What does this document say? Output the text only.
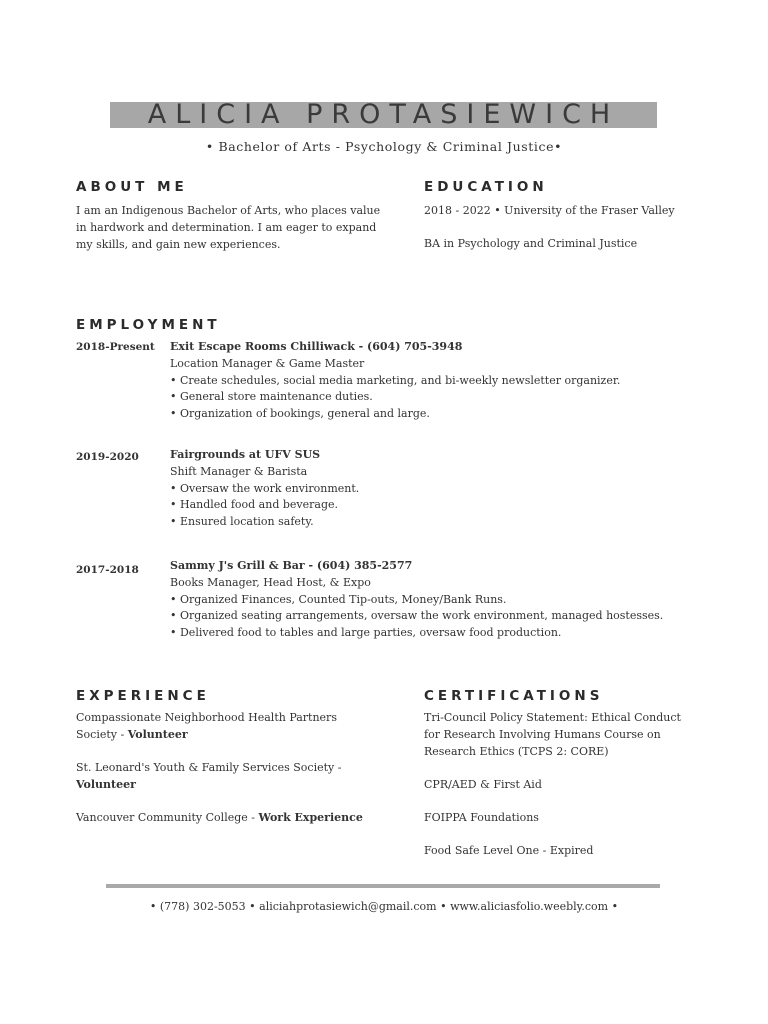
ALICIA PROTASIEWICH
• Bachelor of Arts - Psychology & Criminal Justice•
ABOUT ME
I am an Indigenous Bachelor of Arts, who places value
in hardwork and determination. I am eager to expand
my skills, and gain new experiences.
EDUCATION
2018 - 2022 • University of the Fraser Valley
BA in Psychology and Criminal Justice
EMPLOYMENT
2018-Present Exit Escape Rooms Chilliwack - (604) 705-3948
Location Manager & Game Master
• Create schedules, social media marketing, and bi-weekly newsletter organizer.
• General store maintenance duties.
• Organization of bookings, general and large.
2019-2020	Fairgrounds at UFV SUS
Shift Manager & Barista
• Oversaw the work environment.
• Handled food and beverage.
• Ensured location safety.
2017-2018	Sammy J's Grill & Bar - (604) 385-2577
Books Manager, Head Host, & Expo
• Organized Finances, Counted Tip-outs, Money/Bank Runs.
• Organized seating arrangements, oversaw the work environment, managed hostesses.
• Delivered food to tables and large parties, oversaw food production.
EXPERIENCE
Compassionate Neighborhood Health Partners
Society - Volunteer
St. Leonard's Youth & Family Services Society -
Volunteer
Vancouver Community College - Work Experience
CERTIFICATIONS
Tri-Council Policy Statement: Ethical Conduct
for Research Involving Humans Course on
Research Ethics (TCPS 2: CORE)
CPR/AED & First Aid
FOIPPA Foundations
Food Safe Level One - Expired
• (778) 302-5053 • aliciahprotasiewich@gmail.com • www.aliciasfolio.weebly.com •
